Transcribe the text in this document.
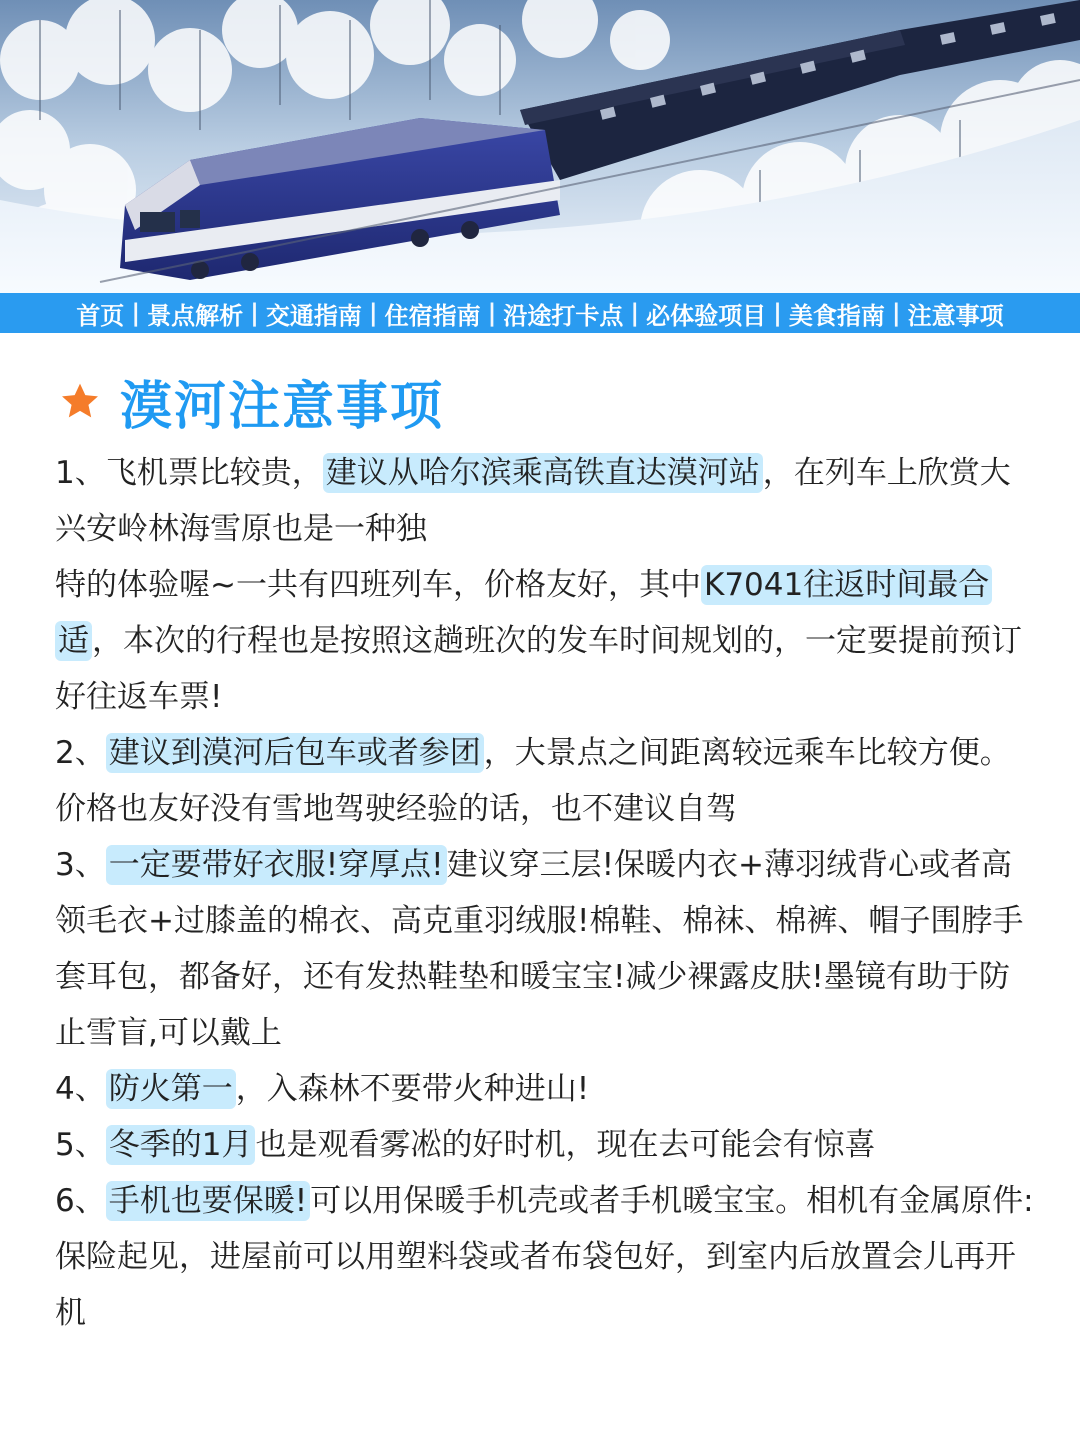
首页 | 景点解析 | 交通指南 | 住宿指南 | 沿途打卡点 | 必体验项目 | 美食指南 | 注意事项
漠河注意事项

1、飞机票比较贵，建议从哈尔滨乘高铁直达漠河站，在列车上欣赏大兴安岭林海雪原也是一种独

特的体验喔~一共有四班列车，价格友好，其中K7041往返时间最合适，本次的行程也是按照这趟班次的发车时间规划的，一定要提前预订好往返车票!

2、建议到漠河后包车或者参团，大景点之间距离较远乘车比较方便。价格也友好没有雪地驾驶经验的话，也不建议自驾

3、一定要带好衣服!穿厚点!建议穿三层!保暖内衣+薄羽绒背心或者高领毛衣+过膝盖的棉衣、高克重羽绒服!棉鞋、棉袜、棉裤、帽子围脖手套耳包，都备好，还有发热鞋垫和暖宝宝!减少裸露皮肤!墨镜有助于防止雪盲,可以戴上

4、防火第一，入森林不要带火种进山!

5、冬季的1月也是观看雾凇的好时机，现在去可能会有惊喜

6、手机也要保暖!可以用保暖手机壳或者手机暖宝宝。相机有金属原件:保险起见，进屋前可以用塑料袋或者布袋包好，到室内后放置会儿再开机
